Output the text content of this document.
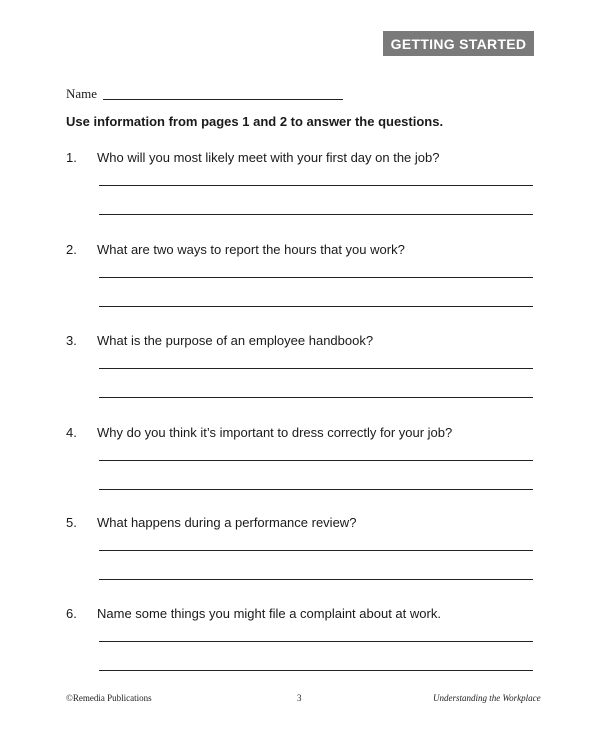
GETTING STARTED
Name
Use information from pages 1 and 2 to answer the questions.
1. Who will you most likely meet with your first day on the job?
2. What are two ways to report the hours that you work?
3. What is the purpose of an employee handbook?
4. Why do you think it’s important to dress correctly for your job?
5. What happens during a performance review?
6. Name some things you might file a complaint about at work.
©Remedia Publications	3	Understanding the Workplace
